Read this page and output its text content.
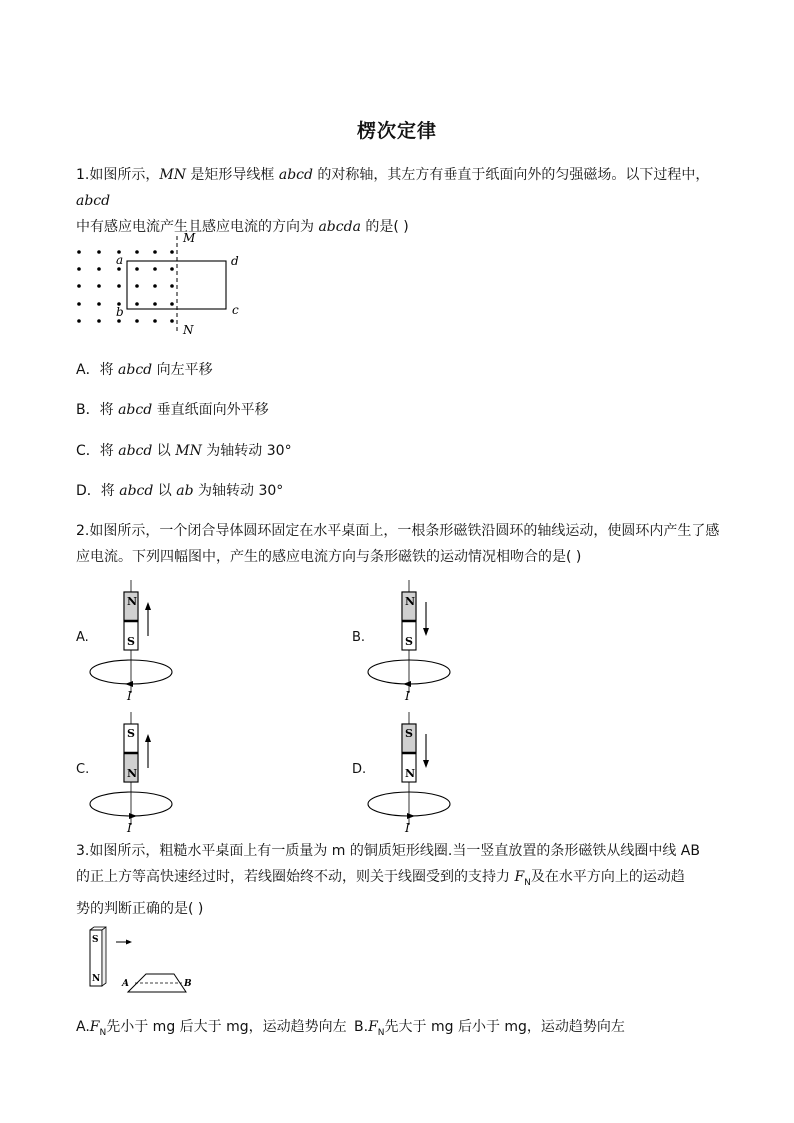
楞次定律
1.如图所示，MN 是矩形导线框 abcd 的对称轴，其左方有垂直于纸面向外的匀强磁场。以下过程中，abcd
中有感应电流产生且感应电流的方向为 abcda 的是( )
a
b	c
d
M
N
A．将 abcd 向左平移
B．将 abcd 垂直纸面向外平移
C．将 abcd 以 MN 为轴转动 30°
D．将 abcd 以 ab 为轴转动 30°
2.如图所示，一个闭合导体圆环固定在水平桌面上，一根条形磁铁沿圆环的轴线运动，使圆环内产生了感
应电流。下列四幅图中，产生的感应电流方向与条形磁铁的运动情况相吻合的是( )
A.
N
S
I
B.
N
S
I
C.
S
N
I
D.
S
N
I
3.如图所示，粗糙水平桌面上有一质量为 m 的铜质矩形线圈.当一竖直放置的条形磁铁从线圈中线 AB
的正上方等高快速经过时，若线圈始终不动，则关于线圈受到的支持力 $F_N$及在水平方向上的运动趋
势的判断正确的是( )
S
N A	B
$A.F_N$先小于 mg 后大于 mg，运动趋势向左 $B.F_N$先大于 mg 后小于 mg，运动趋势向左
